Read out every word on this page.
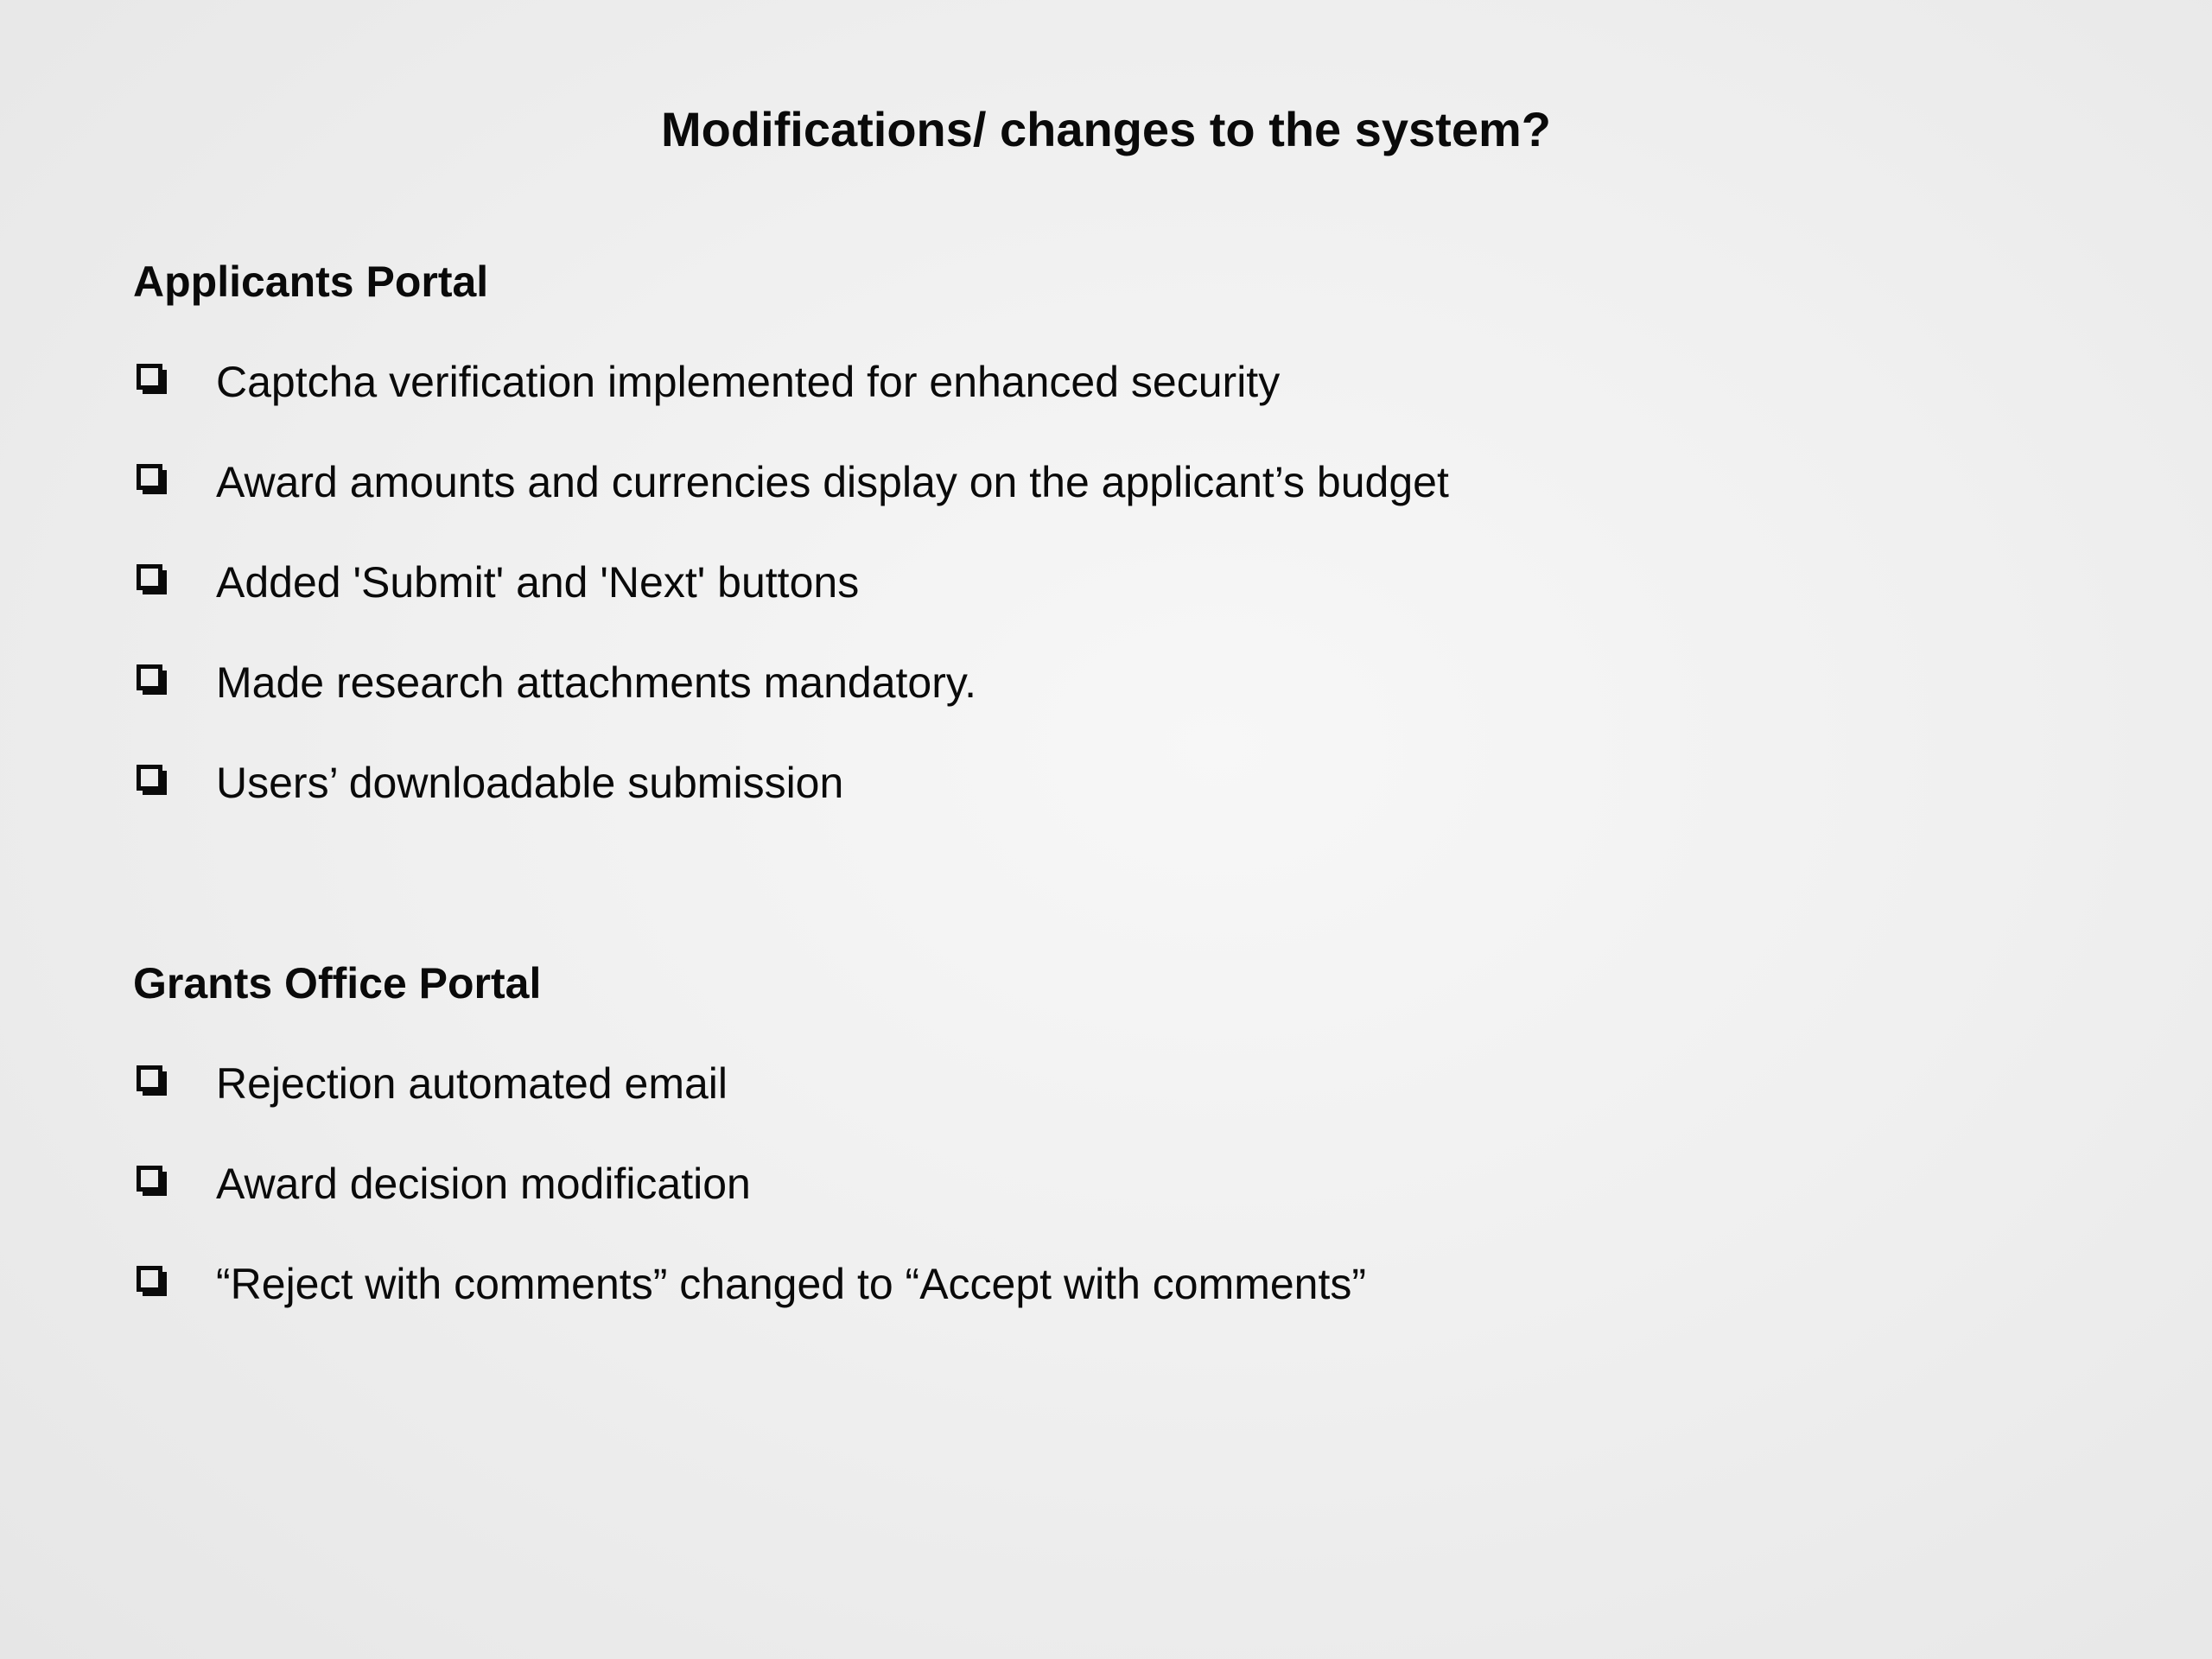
Modifications/ changes to the system?
Applicants Portal
Captcha verification implemented for enhanced security
Award amounts and currencies display on the applicant’s budget
Added 'Submit' and 'Next' buttons
Made research attachments mandatory.
Users’ downloadable submission
Grants Office Portal
Rejection automated email
Award decision modification
“Reject with comments” changed to “Accept with comments”
